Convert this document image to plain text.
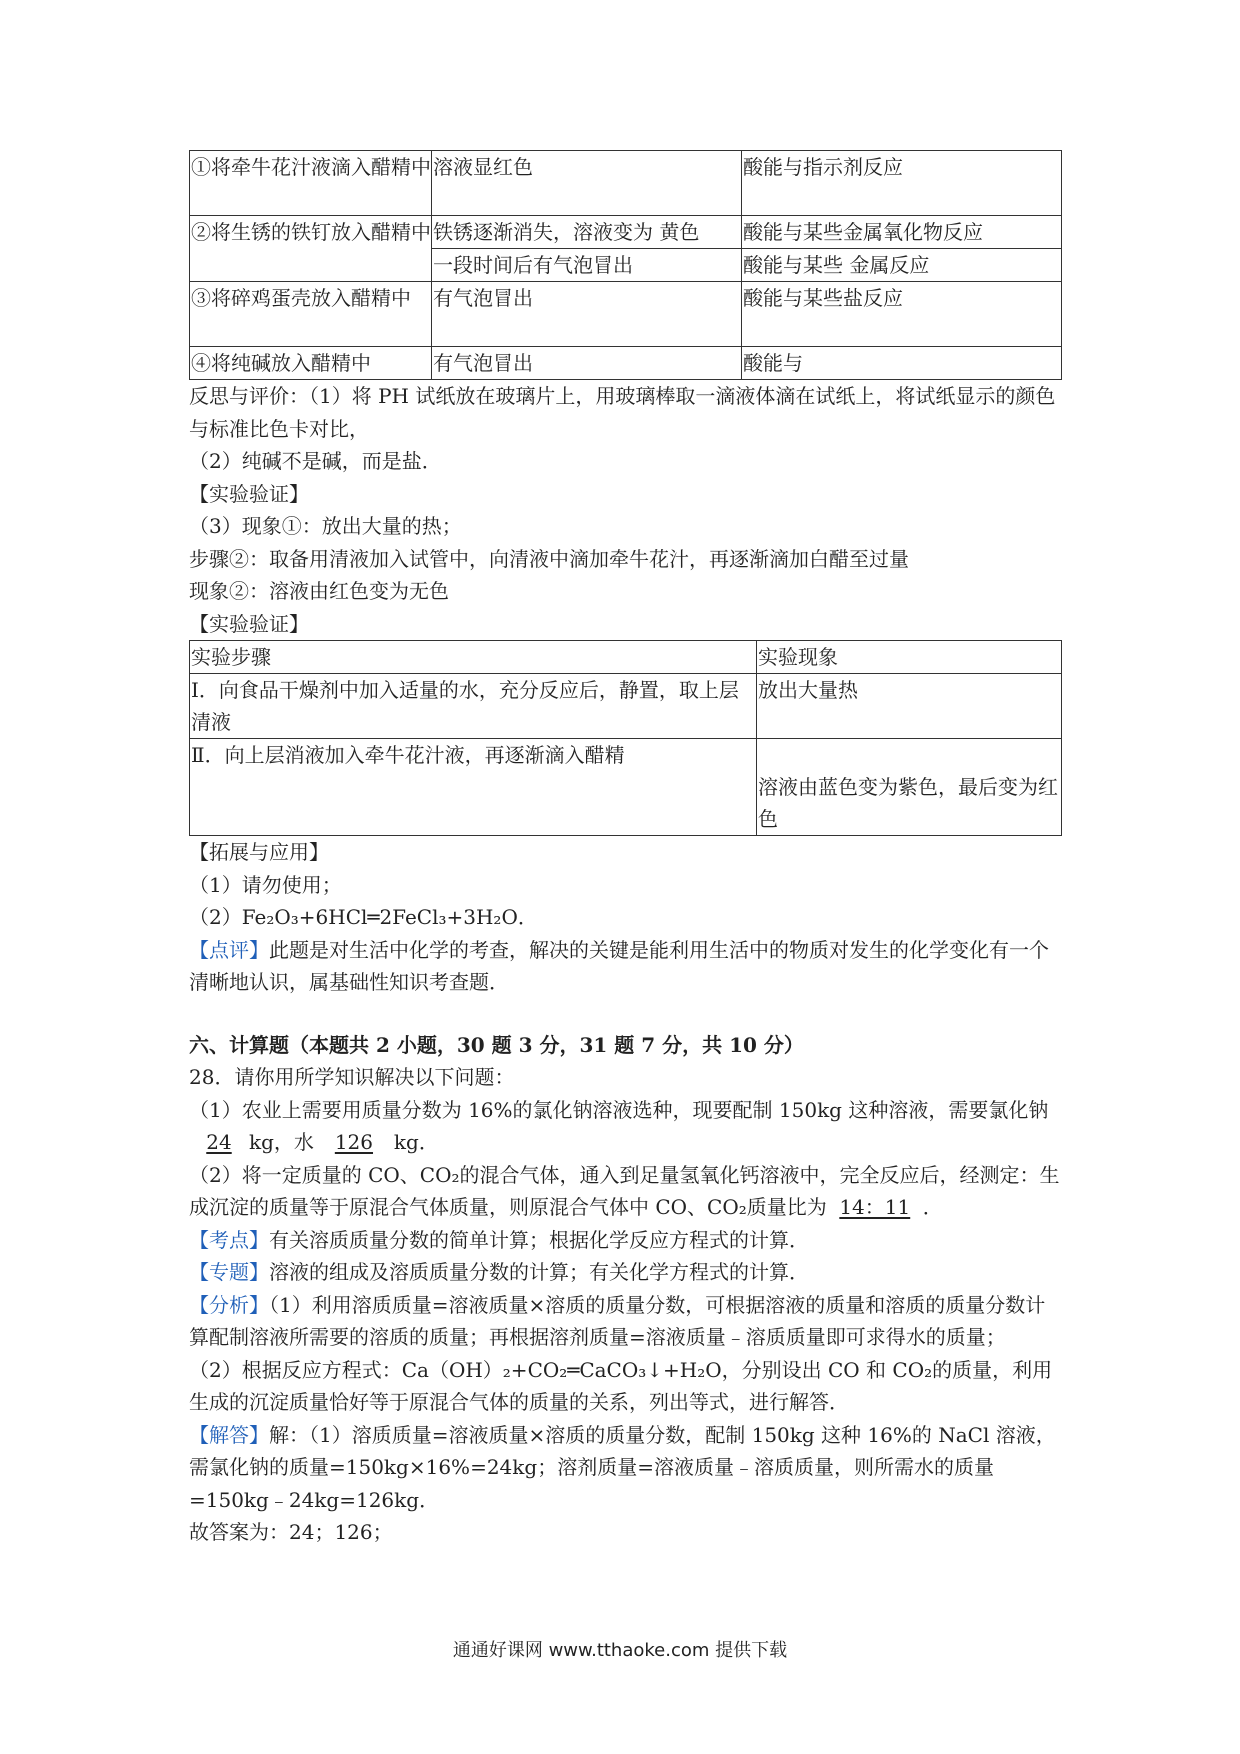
①将牵牛花汁液滴入醋精中	溶液显红色	酸能与指示剂反应
②将生锈的铁钉放入醋精中	铁锈逐渐消失，溶液变为 黄色	酸能与某些金属氧化物反应
	一段时间后有气泡冒出	酸能与某些 金属反应
③将碎鸡蛋壳放入醋精中	有气泡冒出	酸能与某些盐反应
④将纯碱放入醋精中	有气泡冒出	酸能与

反思与评价：（1）将 PH 试纸放在玻璃片上，用玻璃棒取一滴液体滴在试纸上，将试纸显示的颜色与标准比色卡对比，

（2）纯碱不是碱，而是盐．

【实验验证】

（3）现象①：放出大量的热；

步骤②：取备用清液加入试管中，向清液中滴加牵牛花汁，再逐渐滴加白醋至过量

现象②：溶液由红色变为无色

【实验验证】

实验步骤	实验现象
Ⅰ．向食品干燥剂中加入适量的水，充分反应后，静置，取上层清液	放出大量热
Ⅱ．向上层消液加入牵牛花汁液，再逐渐滴入醋精	溶液由蓝色变为紫色，最后变为红色

【拓展与应用】

（1）请勿使用；

（2）Fe₂O₃+6HCl═2FeCl₃+3H₂O．

【点评】此题是对生活中化学的考查，解决的关键是能利用生活中的物质对发生的化学变化有一个清晰地认识，属基础性知识考查题．

六、计算题（本题共 2 小题，30 题 3 分，31 题 7 分，共 10 分）

28．请你用所学知识解决以下问题：

（1）农业上需要用质量分数为 16%的氯化钠溶液选种，现要配制 150kg 这种溶液，需要氯化钠24 kg，水 126 kg．

（2）将一定质量的 CO、CO₂的混合气体，通入到足量氢氧化钙溶液中，完全反应后，经测定：生成沉淀的质量等于原混合气体质量，则原混合气体中 CO、CO₂质量比为 14：11 ．

【考点】有关溶质质量分数的简单计算；根据化学反应方程式的计算．

【专题】溶液的组成及溶质质量分数的计算；有关化学方程式的计算．

【分析】（1）利用溶质质量=溶液质量×溶质的质量分数，可根据溶液的质量和溶质的质量分数计算配制溶液所需要的溶质的质量；再根据溶剂质量=溶液质量﹣溶质质量即可求得水的质量；

（2）根据反应方程式：Ca（OH）₂+CO₂═CaCO₃↓+H₂O，分别设出 CO 和 CO₂的质量，利用生成的沉淀质量恰好等于原混合气体的质量的关系，列出等式，进行解答．

【解答】解：（1）溶质质量=溶液质量×溶质的质量分数，配制 150kg 这种 16%的 NaCl 溶液，需氯化钠的质量=150kg×16%=24kg；溶剂质量=溶液质量﹣溶质质量，则所需水的质量=150kg﹣24kg=126kg．

故答案为：24；126；

通通好课网 www.tthaoke.com 提供下载
